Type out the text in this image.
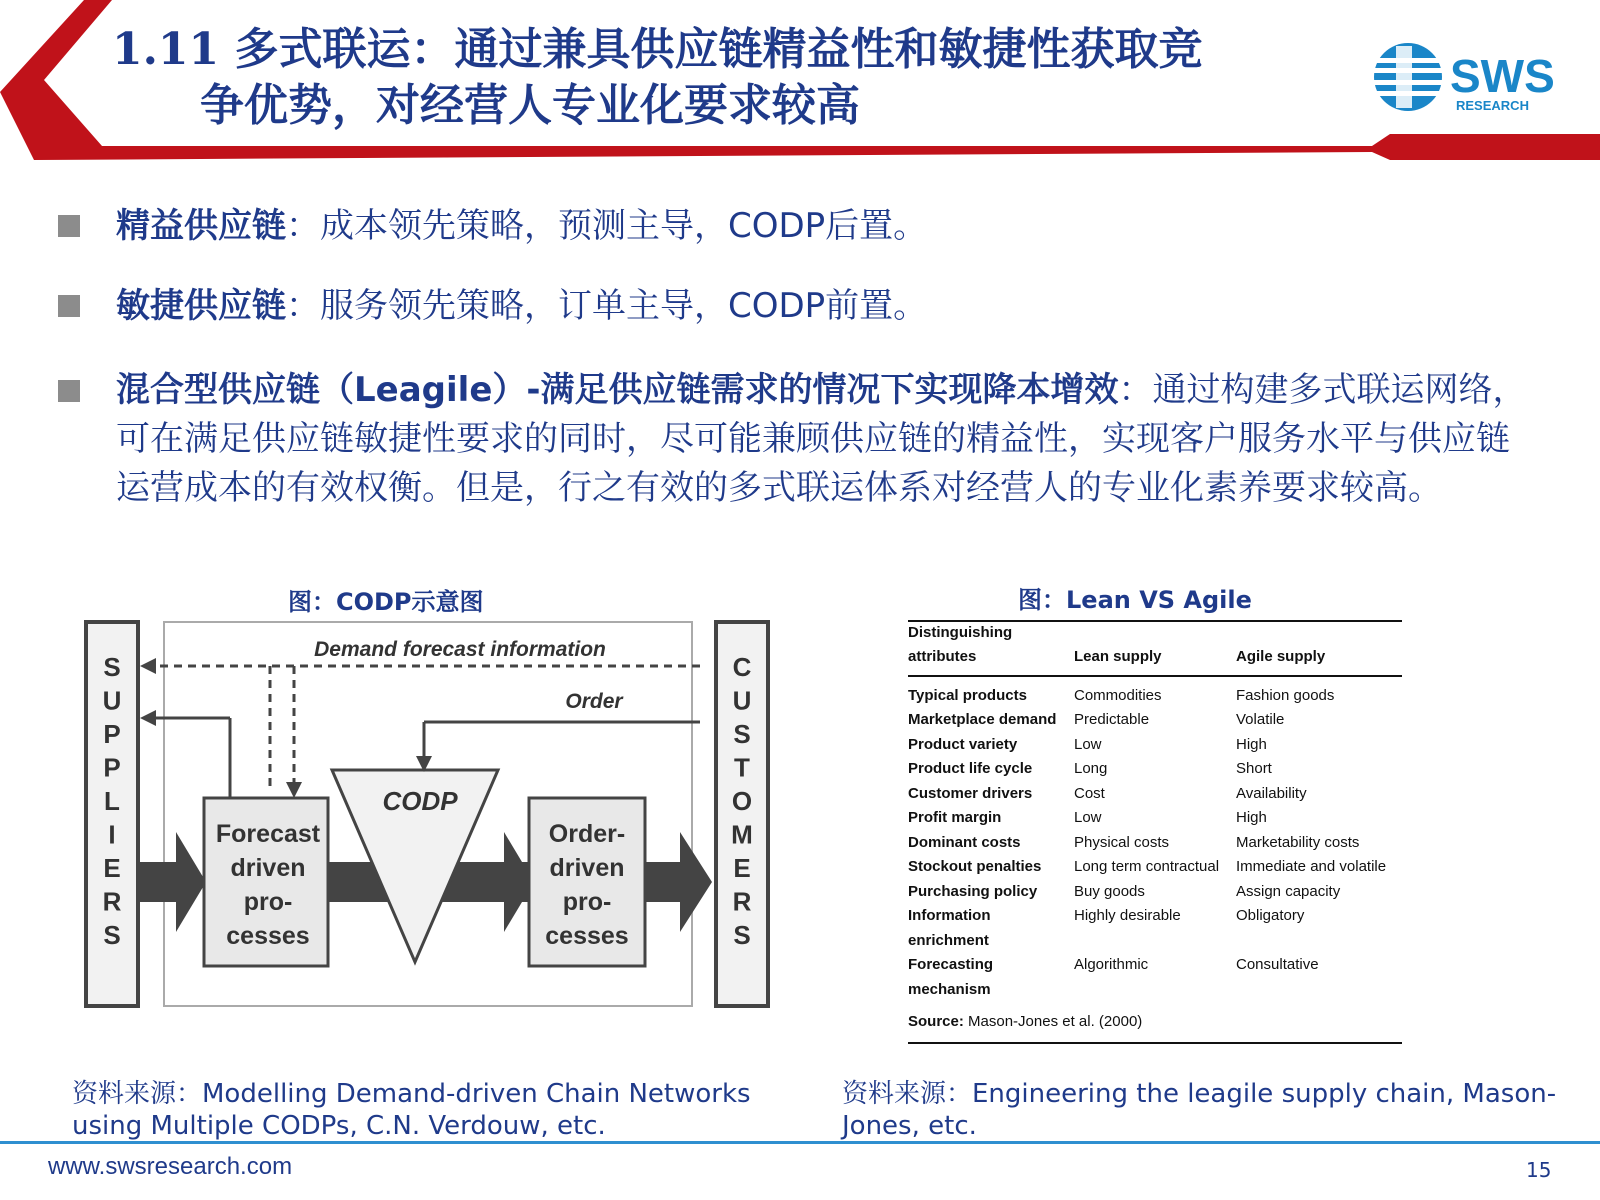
1.11 多式联运：通过兼具供应链精益性和敏捷性获取竞
争优势，对经营人专业化要求较高
SWS
RESEARCH
精益供应链：成本领先策略，预测主导，CODP后置。
敏捷供应链：服务领先策略，订单主导，CODP前置。
混合型供应链（Leagile）-满足供应链需求的情况下实现降本增效：通过构建多式联运网络，可在满足供应链敏捷性要求的同时，尽可能兼顾供应链的精益性，实现客户服务水平与供应链运营成本的有效权衡。但是，行之有效的多式联运体系对经营人的专业化素养要求较高。
图：CODP示意图
S
U
P
P
L
I
E
R
S
C
U
S
T
O
M
E
R
S
Forecast
driven
pro-
cesses
Order-
driven
pro-
cesses
CODP
Demand forecast information
Order
资料来源：Modelling Demand-driven Chain Networks using Multiple CODPs, C.N. Verdouw, etc.
图：Lean VS Agile
Distinguishing		
attributes	Lean supply	Agile supply

Typical products	Commodities	Fashion goods
Marketplace demand	Predictable	Volatile
Product variety	Low	High
Product life cycle	Long	Short
Customer drivers	Cost	Availability
Profit margin	Low	High
Dominant costs	Physical costs	Marketability costs
Stockout penalties	Long term contractual	Immediate and volatile
Purchasing policy	Buy goods	Assign capacity
Information	Highly desirable	Obligatory
enrichment		
Forecasting	Algorithmic	Consultative
mechanism		

Source: Mason-Jones et al. (2000)		
资料来源：Engineering the leagile supply chain, Mason-Jones, etc.
www.swsresearch.com	15
